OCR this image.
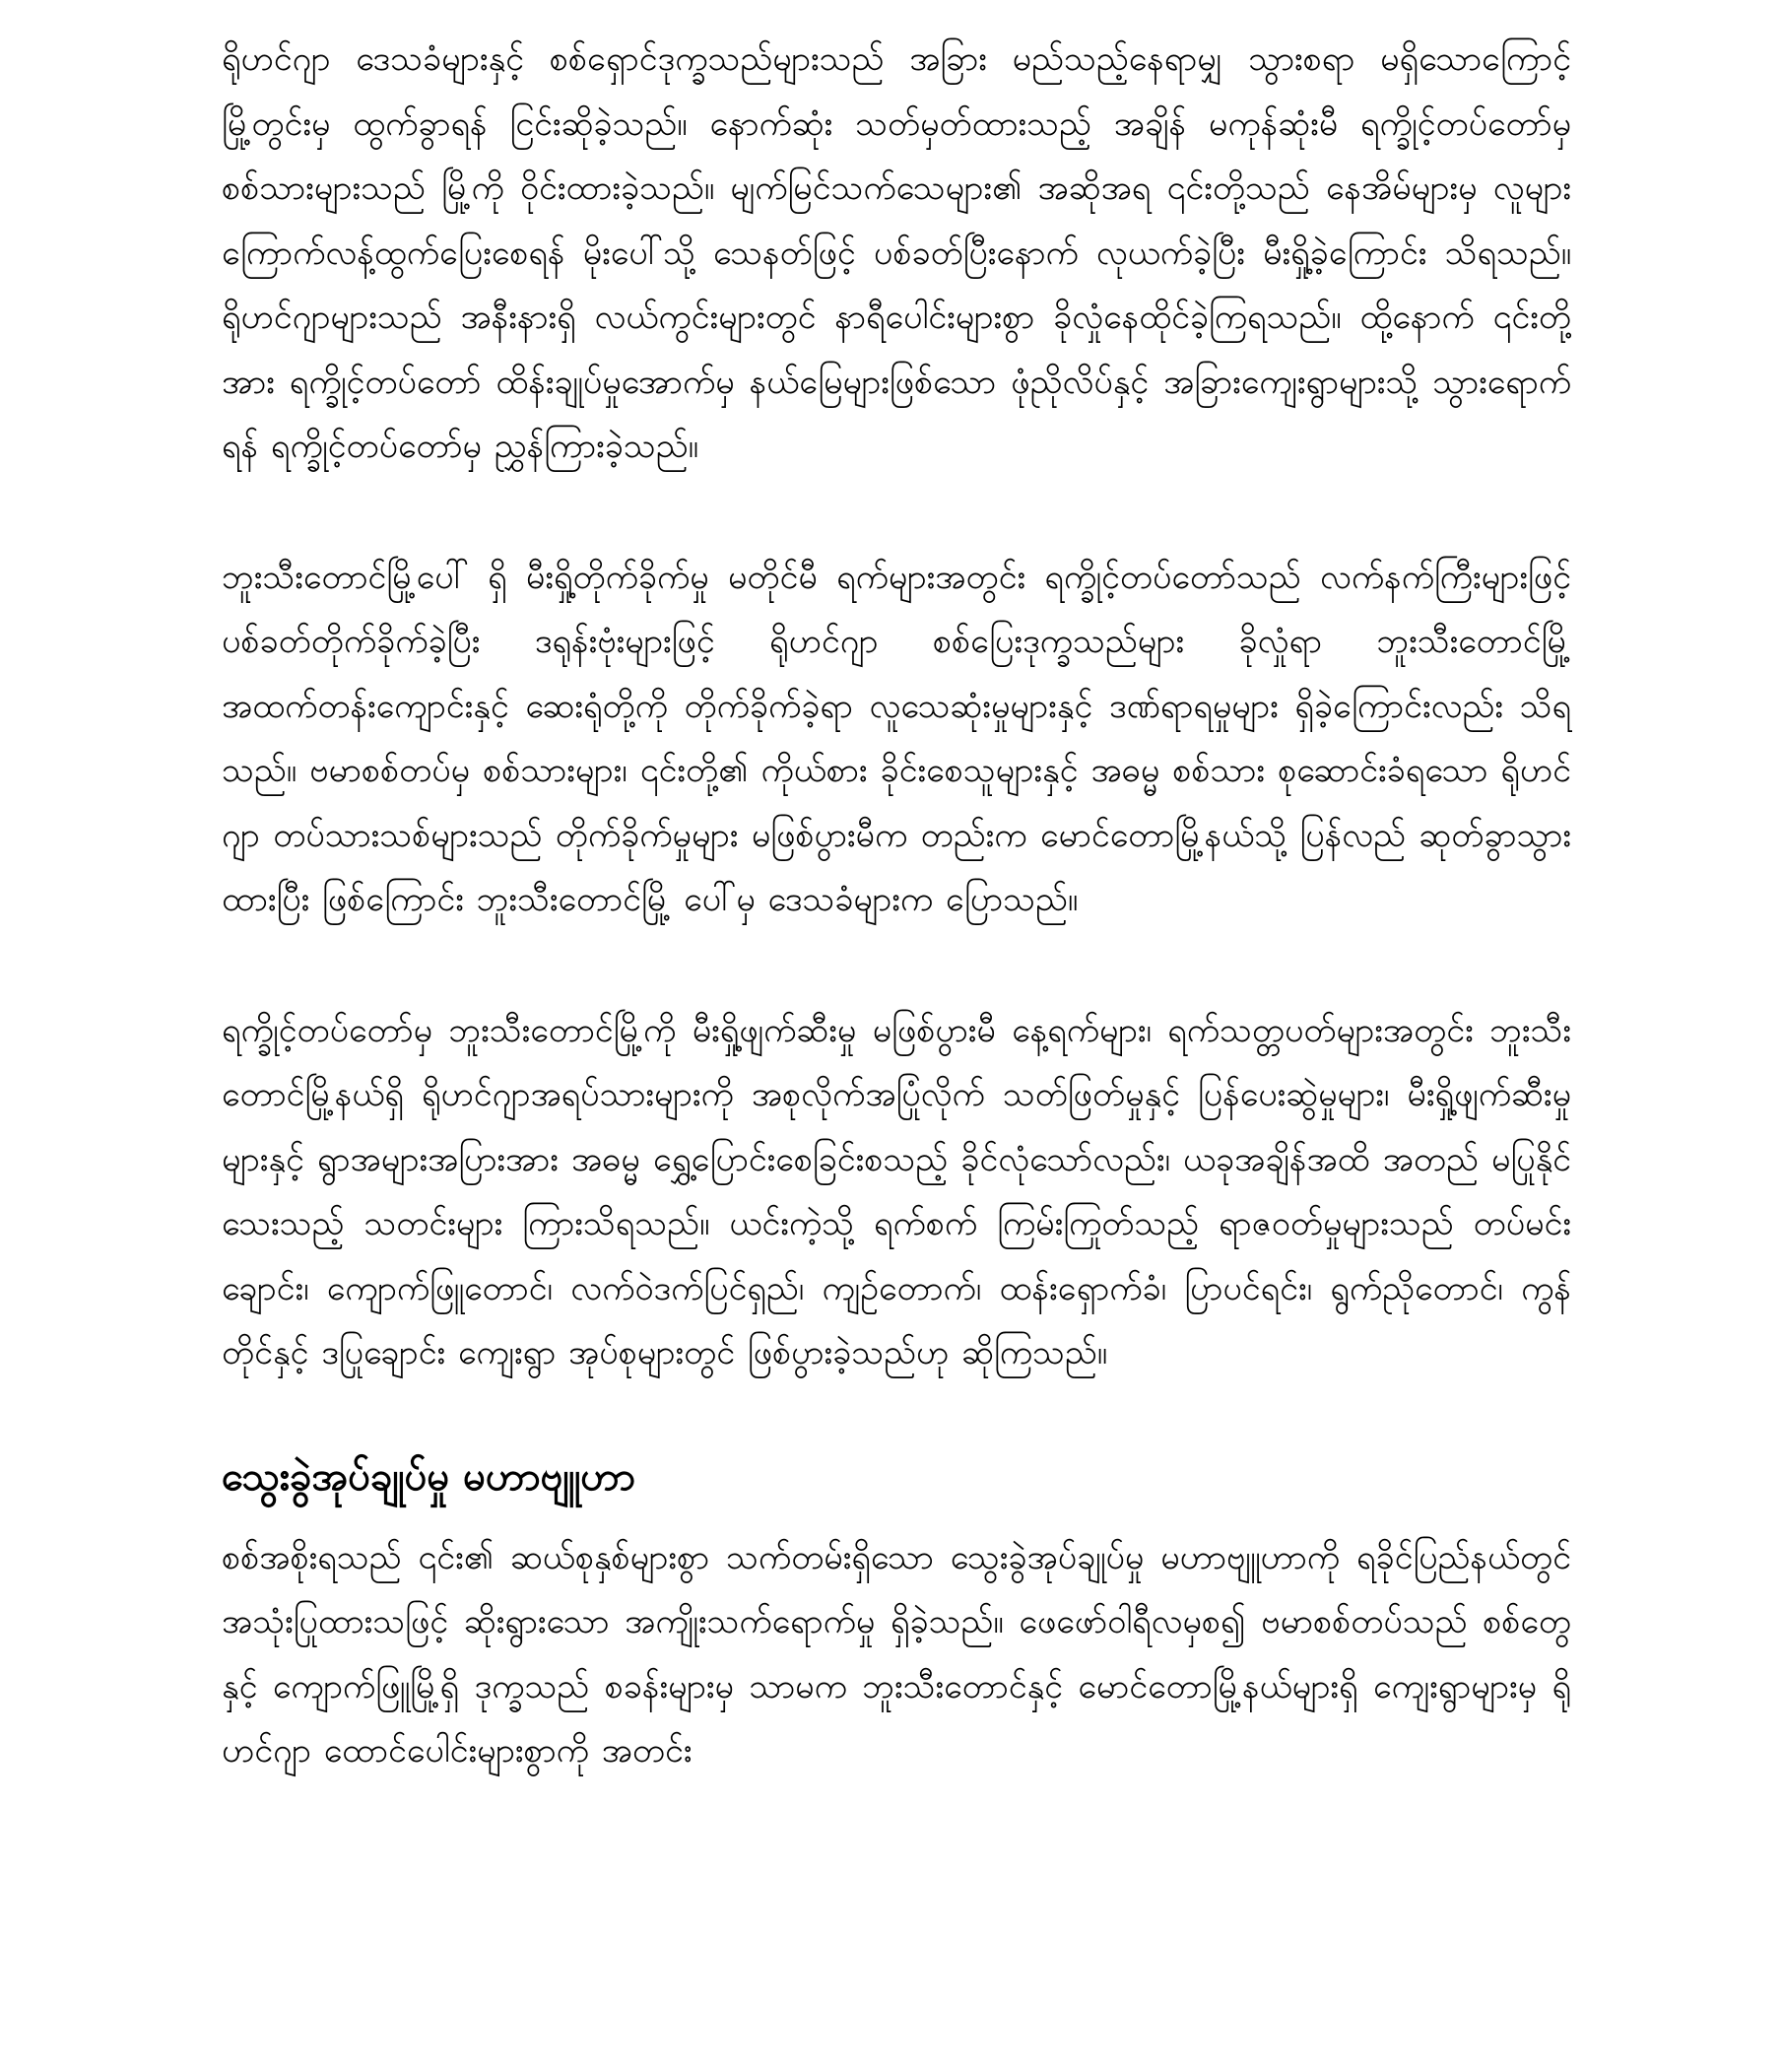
ရိုဟင်ဂျာ ဒေသခံများနှင့် စစ်ရှောင်ဒုက္ခသည်များသည် အခြား မည်သည့်နေရာမျှ သွားစရာ မရှိသောကြောင့် မြို့တွင်းမှ ထွက်ခွာရန် ငြင်းဆိုခဲ့သည်။ နောက်ဆုံး သတ်မှတ်ထားသည့် အချိန် မကုန်ဆုံးမီ ရက္ခိုင့်တပ်တော်မှ စစ်သားများသည် မြို့ကို ဝိုင်းထားခဲ့သည်။ မျက်မြင်သက်သေများ၏ အဆိုအရ ၎င်းတို့သည် နေအိမ်များမှ လူများ ကြောက်လန့်ထွက်ပြေးစေရန် မိုးပေါ်သို့ သေနတ်ဖြင့် ပစ်ခတ်ပြီးနောက် လုယက်ခဲ့ပြီး မီးရှို့ခဲ့ကြောင်း သိရသည်။ ရိုဟင်ဂျာများသည် အနီးနားရှိ လယ်ကွင်းများတွင် နာရီပေါင်းများစွာ ခိုလှုံနေထိုင်ခဲ့ကြရသည်။ ထို့နောက် ၎င်းတို့အား ရက္ခိုင့်တပ်တော် ထိန်းချုပ်မှုအောက်မှ နယ်မြေများဖြစ်သော ဖုံညိုလိပ်နှင့် အခြားကျေးရွာများသို့ သွားရောက်ရန် ရက္ခိုင့်တပ်တော်မှ ညွှန်ကြားခဲ့သည်။

ဘူးသီးတောင်မြို့ပေါ် ရှိ မီးရှို့တိုက်ခိုက်မှု မတိုင်မီ ရက်များအတွင်း ရက္ခိုင့်တပ်တော်သည် လက်နက်ကြီးများဖြင့် ပစ်ခတ်တိုက်ခိုက်ခဲ့ပြီး ဒရုန်းဗုံးများဖြင့် ရိုဟင်ဂျာ စစ်ပြေးဒုက္ခသည်များ ခိုလှုံရာ ဘူးသီးတောင်မြို့ အထက်တန်းကျောင်းနှင့် ဆေးရုံတို့ကို တိုက်ခိုက်ခဲ့ရာ လူသေဆုံးမှုများနှင့် ဒဏ်ရာရမှုများ ရှိခဲ့ကြောင်းလည်း သိရသည်။ ဗမာစစ်တပ်မှ စစ်သားများ၊ ၎င်းတို့၏ ကိုယ်စား ခိုင်းစေသူများနှင့် အဓမ္မ စစ်သား စုဆောင်းခံရသော ရိုဟင်ဂျာ တပ်သားသစ်များသည် တိုက်ခိုက်မှုများ မဖြစ်ပွားမီက တည်းက မောင်တောမြို့နယ်သို့ ပြန်လည် ဆုတ်ခွာသွားထားပြီး ဖြစ်ကြောင်း ဘူးသီးတောင်မြို့ ပေါ်မှ ဒေသခံများက ပြောသည်။

ရက္ခိုင့်တပ်တော်မှ ဘူးသီးတောင်မြို့ကို မီးရှို့ဖျက်ဆီးမှု မဖြစ်ပွားမီ နေ့ရက်များ၊ ရက်သတ္တပတ်များအတွင်း ဘူးသီးတောင်မြို့နယ်ရှိ ရိုဟင်ဂျာအရပ်သားများကို အစုလိုက်အပြုံလိုက် သတ်ဖြတ်မှုနှင့် ပြန်ပေးဆွဲမှုများ၊ မီးရှို့ဖျက်ဆီးမှုများနှင့် ရွာအများအပြားအား အဓမ္မ ရွှေ့ပြောင်းစေခြင်းစသည့် ခိုင်လုံသော်လည်း၊ ယခုအချိန်အထိ အတည် မပြုနိုင်သေးသည့် သတင်းများ ကြားသိရသည်။ ယင်းကဲ့သို့ ရက်စက် ကြမ်းကြုတ်သည့် ရာဇဝတ်မှုများသည် တပ်မင်းချောင်း၊ ကျောက်ဖြူတောင်၊ လက်ဝဲဒက်ပြင်ရှည်၊ ကျဉ်တောက်၊ ထန်းရှောက်ခံ၊ ပြာပင်ရင်း၊ ရွက်ညိုတောင်၊ ကွန်တိုင်နှင့် ဒပြုချောင်း ကျေးရွာ အုပ်စုများတွင် ဖြစ်ပွားခဲ့သည်ဟု ဆိုကြသည်။

သွေးခွဲအုပ်ချုပ်မှု မဟာဗျူဟာ

စစ်အစိုးရသည် ၎င်း၏ ဆယ်စုနှစ်များစွာ သက်တမ်းရှိသော သွေးခွဲအုပ်ချုပ်မှု မဟာဗျူဟာကို ရခိုင်ပြည်နယ်တွင် အသုံးပြုထားသဖြင့် ဆိုးရွားသော အကျိုးသက်ရောက်မှု ရှိခဲ့သည်။ ဖေဖော်ဝါရီလမှစ၍ ဗမာစစ်တပ်သည် စစ်တွေနှင့် ကျောက်ဖြူမြို့ရှိ ဒုက္ခသည် စခန်းများမှ သာမက ဘူးသီးတောင်နှင့် မောင်တောမြို့နယ်များရှိ ကျေးရွာများမှ ရိုဟင်ဂျာ ထောင်ပေါင်းများစွာကို အတင်း
